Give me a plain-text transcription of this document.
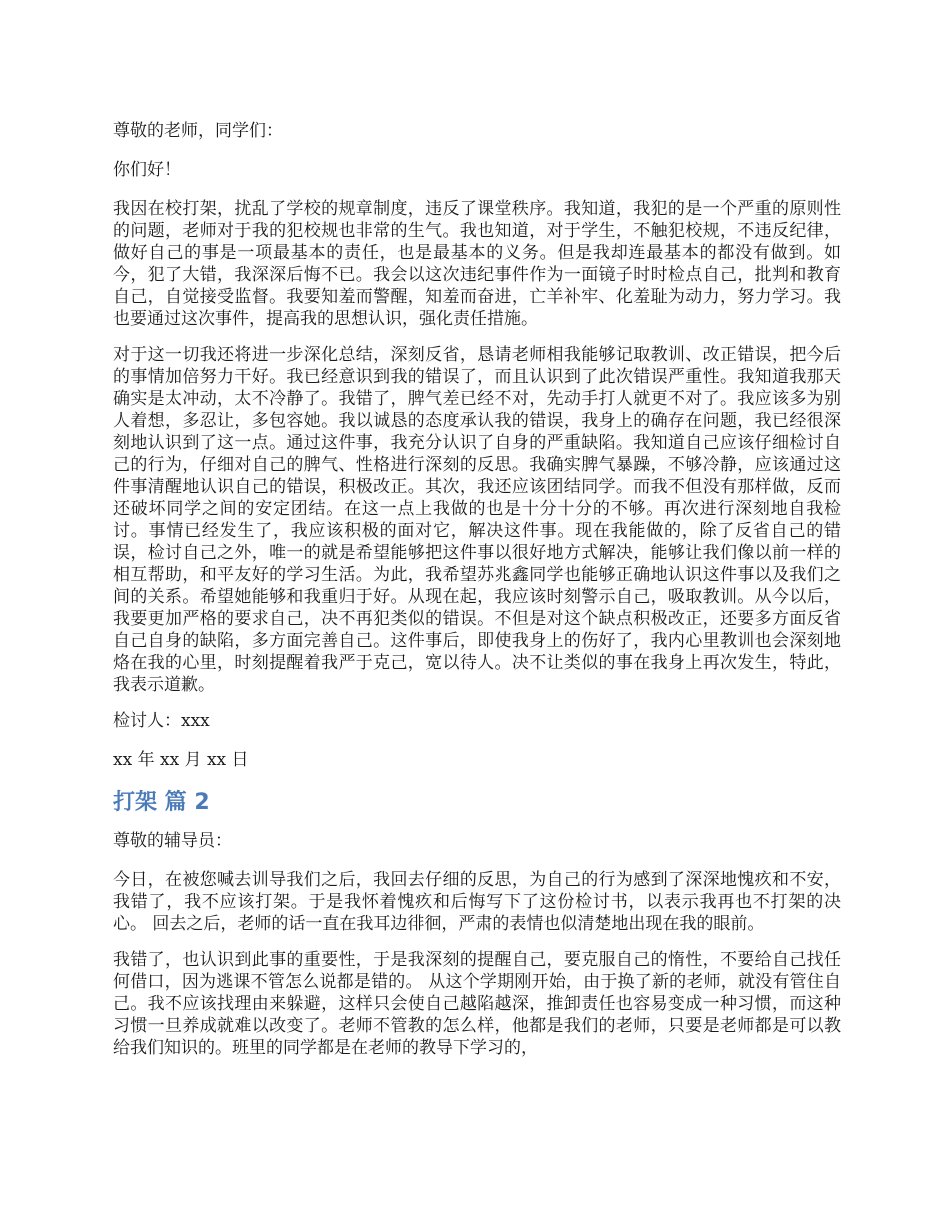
尊敬的老师，同学们：

你们好！

我因在校打架，扰乱了学校的规章制度，违反了课堂秩序。我知道，我犯的是一个严重的原则性的问题，老师对于我的犯校规也非常的生气。我也知道，对于学生，不触犯校规，不违反纪律，做好自己的事是一项最基本的责任，也是最基本的义务。但是我却连最基本的都没有做到。如今，犯了大错，我深深后悔不已。我会以这次违纪事件作为一面镜子时时检点自己，批判和教育自己，自觉接受监督。我要知羞而警醒，知羞而奋进，亡羊补牢、化羞耻为动力，努力学习。我也要通过这次事件，提高我的思想认识，强化责任措施。

对于这一切我还将进一步深化总结，深刻反省，恳请老师相我能够记取教训、改正错误，把今后的事情加倍努力干好。我已经意识到我的错误了，而且认识到了此次错误严重性。我知道我那天确实是太冲动，太不冷静了。我错了，脾气差已经不对，先动手打人就更不对了。我应该多为别人着想，多忍让，多包容她。我以诚恳的态度承认我的错误，我身上的确存在问题，我已经很深刻地认识到了这一点。通过这件事，我充分认识了自身的严重缺陷。我知道自己应该仔细检讨自己的行为，仔细对自己的脾气、性格进行深刻的反思。我确实脾气暴躁，不够冷静，应该通过这件事清醒地认识自己的错误，积极改正。其次，我还应该团结同学。而我不但没有那样做，反而还破坏同学之间的安定团结。在这一点上我做的也是十分十分的不够。再次进行深刻地自我检讨。事情已经发生了，我应该积极的面对它，解决这件事。现在我能做的，除了反省自己的错误，检讨自己之外，唯一的就是希望能够把这件事以很好地方式解决，能够让我们像以前一样的相互帮助，和平友好的学习生活。为此，我希望苏兆鑫同学也能够正确地认识这件事以及我们之间的关系。希望她能够和我重归于好。从现在起，我应该时刻警示自己，吸取教训。从今以后，我要更加严格的要求自己，决不再犯类似的错误。不但是对这个缺点积极改正，还要多方面反省自己自身的缺陷，多方面完善自己。这件事后，即使我身上的伤好了，我内心里教训也会深刻地烙在我的心里，时刻提醒着我严于克己，宽以待人。决不让类似的事在我身上再次发生，特此，我表示道歉。

检讨人：xxx

xx 年 xx 月 xx 日

打架 篇 2

尊敬的辅导员：

今日，在被您喊去训导我们之后，我回去仔细的反思，为自己的行为感到了深深地愧疚和不安，我错了，我不应该打架。于是我怀着愧疚和后悔写下了这份检讨书，以表示我再也不打架的决心。 回去之后，老师的话一直在我耳边徘徊，严肃的表情也似清楚地出现在我的眼前。

我错了，也认识到此事的重要性，于是我深刻的提醒自己，要克服自己的惰性，不要给自己找任何借口，因为逃课不管怎么说都是错的。 从这个学期刚开始，由于换了新的老师，就没有管住自己。我不应该找理由来躲避，这样只会使自己越陷越深，推卸责任也容易变成一种习惯，而这种习惯一旦养成就难以改变了。老师不管教的怎么样，他都是我们的老师，只要是老师都是可以教给我们知识的。班里的同学都是在老师的教导下学习的，
